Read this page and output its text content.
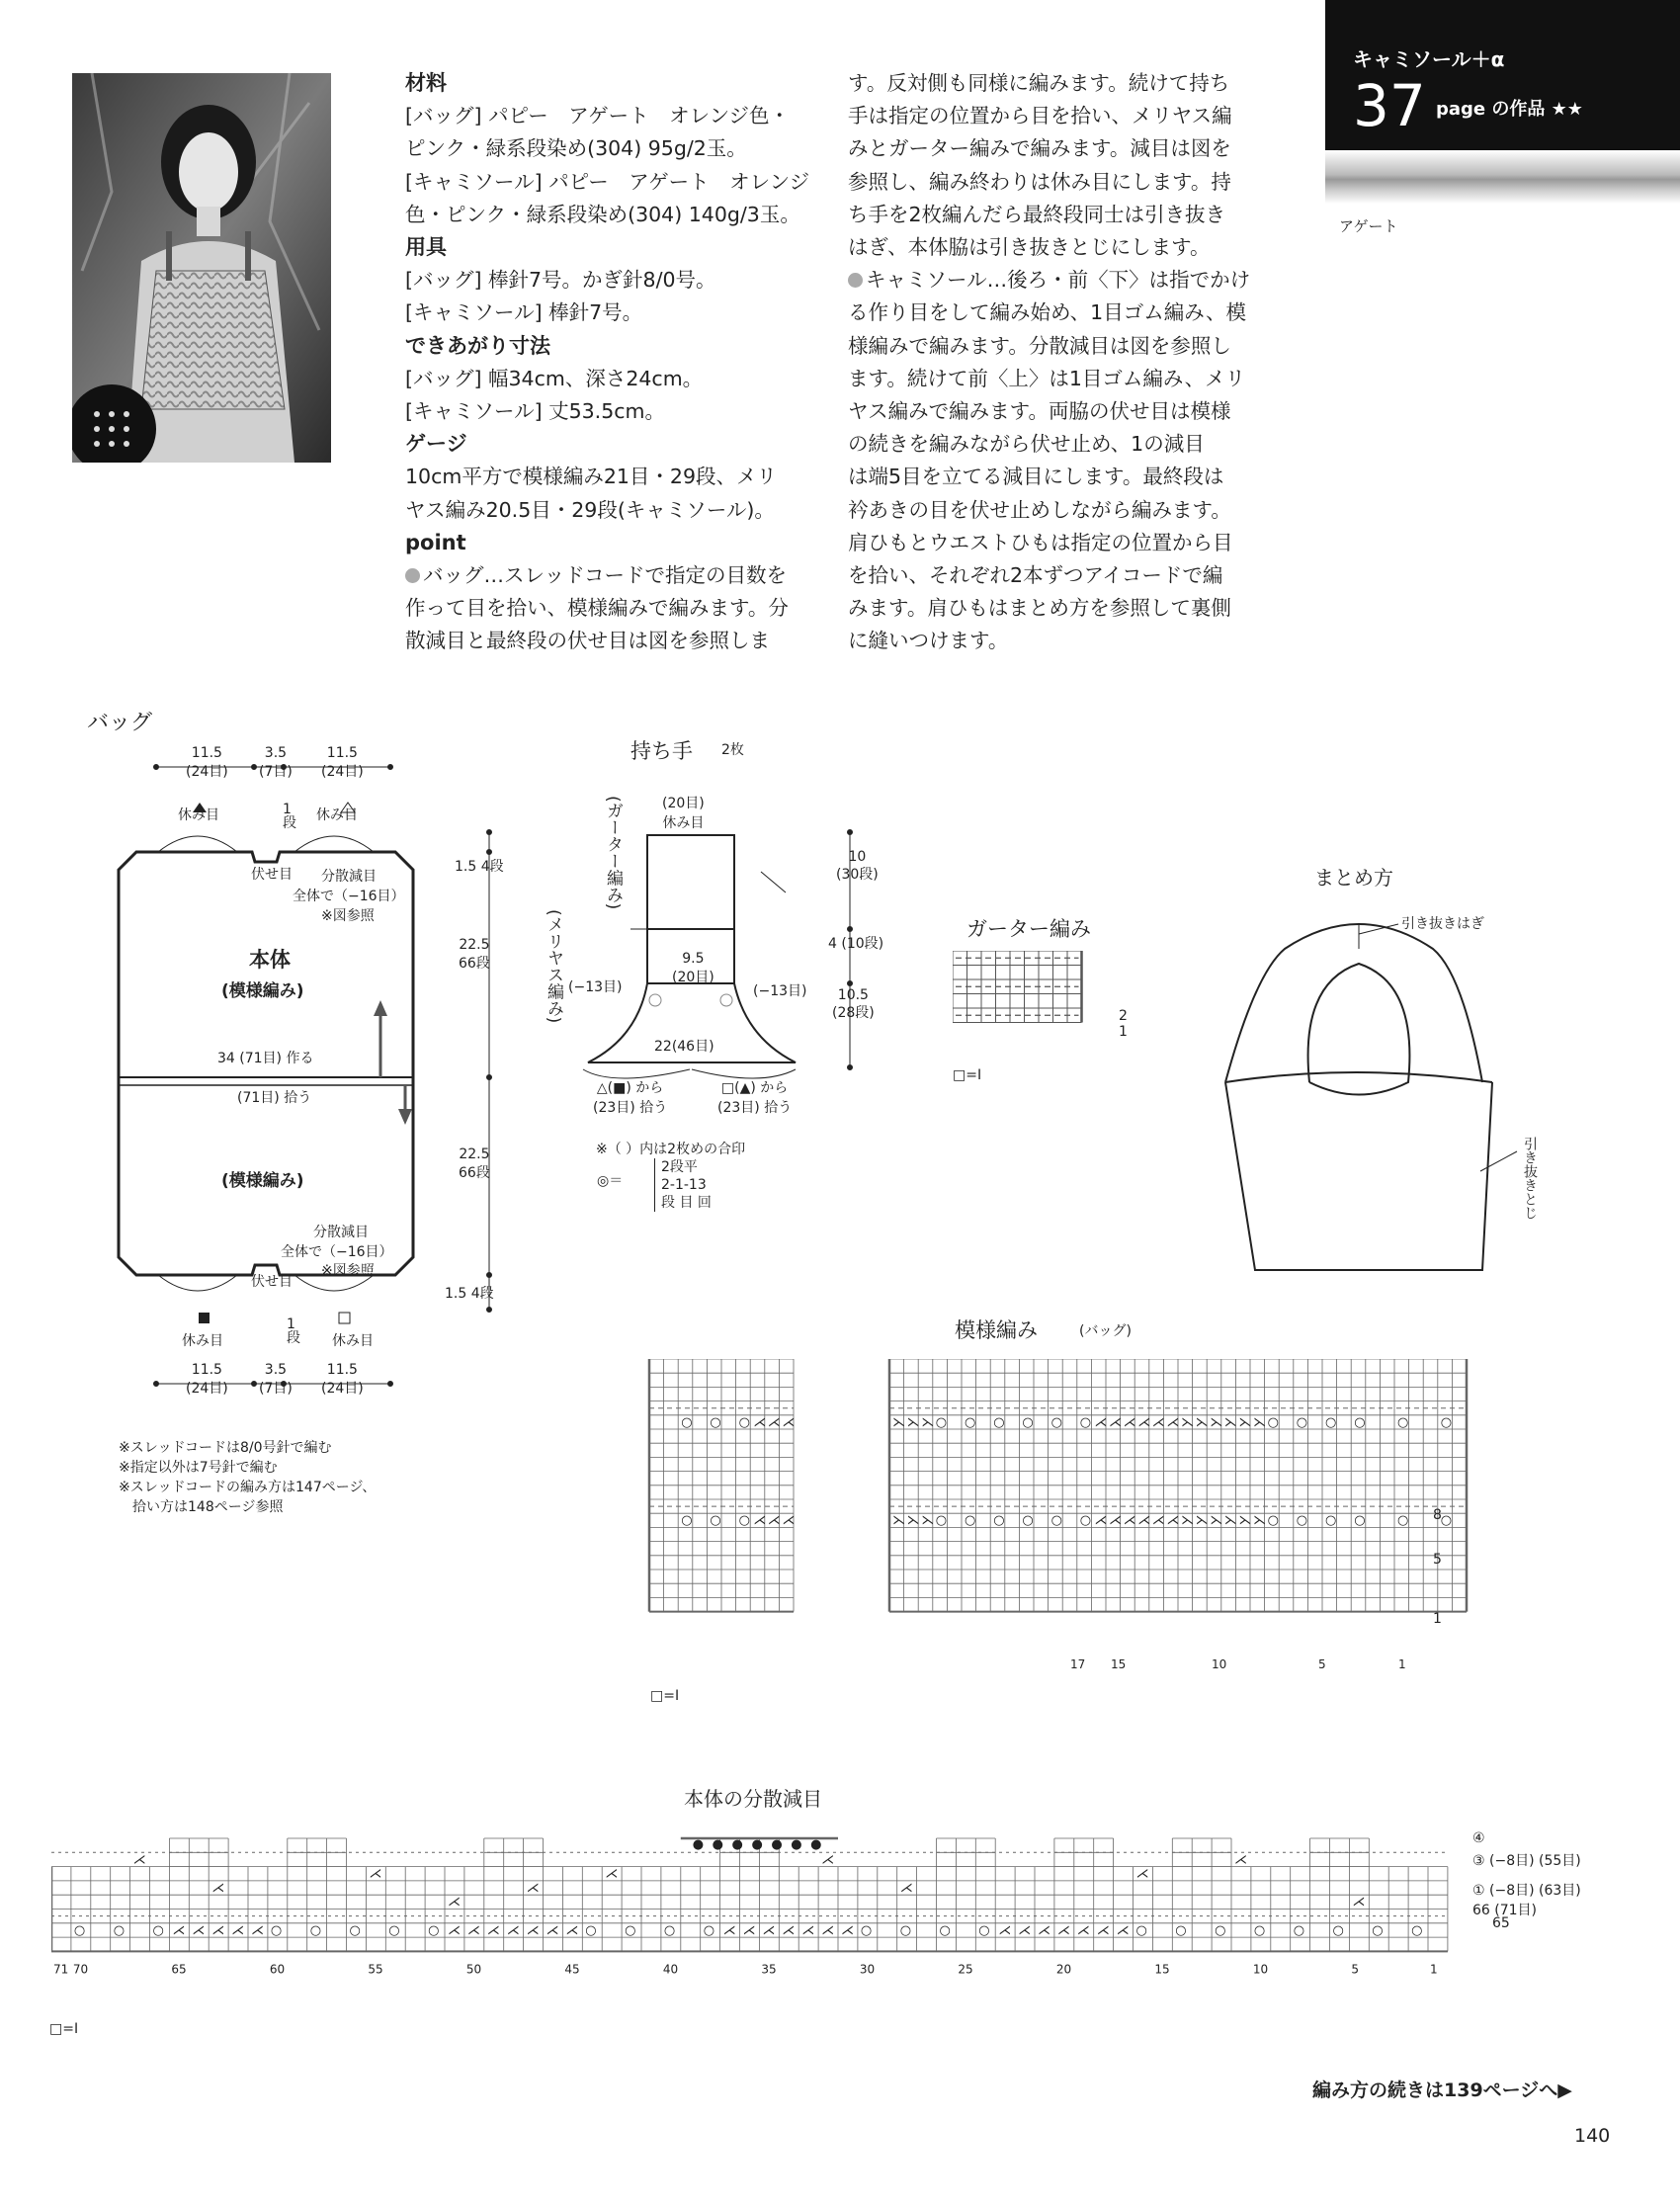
材料

[バッグ] パピー　アゲート　オレンジ色・

ピンク・緑系段染め(304) 95g/2玉。

[キャミソール] パピー　アゲート　オレンジ

色・ピンク・緑系段染め(304) 140g/3玉。

用具

[バッグ] 棒針7号。かぎ針8/0号。

[キャミソール] 棒針7号。

できあがり寸法

[バッグ] 幅34cm、深さ24cm。

[キャミソール] 丈53.5cm。

ゲージ

10cm平方で模様編み21目・29段、メリ

ヤス編み20.5目・29段(キャミソール)。

point

バッグ…スレッドコードで指定の目数を

作って目を拾い、模様編みで編みます。分

散減目と最終段の伏せ目は図を参照しま

す。反対側も同様に編みます。続けて持ち

手は指定の位置から目を拾い、メリヤス編

みとガーター編みで編みます。減目は図を

参照し、編み終わりは休み目にします。持

ち手を2枚編んだら最終段同士は引き抜き

はぎ、本体脇は引き抜きとじにします。

キャミソール…後ろ・前〈下〉は指でかけ

る作り目をして編み始め、1目ゴム編み、模

様編みで編みます。分散減目は図を参照し

ます。続けて前〈上〉は1目ゴム編み、メリ

ヤス編みで編みます。両脇の伏せ目は模様

の続きを編みながら伏せ止め、1の減目

は端5目を立てる減目にします。最終段は

衿あきの目を伏せ止めしながら編みます。

肩ひもとウエストひもは指定の位置から目

を拾い、それぞれ2本ずつアイコードで編

みます。肩ひもはまとめ方を参照して裏側

に縫いつけます。

キャミソール＋α
37 page の作品 ★★
アゲート
バッグ
11.5
(24目)
3.5
(7目)
11.5
(24目)
休み目	休み目
1段
伏せ目 分散減目
全体で（−16目）
※図参照
本体
(模様編み)
34 (71目) 作る
(71目) 拾う
(模様編み)
分散減目
全体で（−16目）
※図参照
伏せ目
休み目	休み目
1段
1.5 4段
22.5
66段
22.5
66段
1.5 4段
11.5
(24目)
3.5
(7目)
11.5
(24目)
※スレッドコードは8/0号針で編む
※指定以外は7号針で編む
※スレッドコードの編み方は147ページ、
　拾い方は148ページ参照
持ち手 2枚
(20目)
休み目
(ガーター編み)
(メリヤス編み)	9.5
(20目)
(−13目)	(−13目)
22(46目)
△(■) から
(23目) 拾う
□(▲) から
(23目) 拾う
10
(30段)
4 (10段)
10.5
(28段)
※（ ）内は2枚めの合印
◎＝
2段平
2-1-13
段 目 回
ガーター編み
2
1
□=Ⅰ
まとめ方
引き抜きはぎ
引き抜きとじ
模様編み	(バッグ)
○ ○ ○ ⋌ ⋌ ⋌	⋋ ⋋ ⋋ ○ ○ ○ ○ ○ ○ ⋌ ⋌ ⋌ ⋌ ⋌ ⋌ ⋋ ⋋ ⋋ ⋋ ⋋ ⋋ ○ ○ ○ ○ ○ ○
○ ○ ○ ⋌ ⋌ ⋌	⋋ ⋋ ⋋ ○ ○ ○ ○ ○ ○ ⋌ ⋌ ⋌ ⋌ ⋌ ⋌ ⋋ ⋋ ⋋ ⋋ ⋋ ⋋ ○ ○ ○ ○ ○ ○
8
5
1
17 15	10	5	1
□=Ⅰ
本体の分散減目
● ● ● ● ● ● ●
○ ○ ○ ⋌ ⋌ ⋌ ⋌ ⋌ ○ ○ ○ ○ ○ ⋌ ⋌ ⋌ ⋌ ⋌ ⋌ ⋌ ○ ○ ○ ○ ⋌ ⋌ ⋌ ⋌ ⋌ ⋌ ⋌ ○ ○ ○ ○ ⋌ ⋌ ⋌ ⋌ ⋌ ⋌ ⋌ ○ ○ ○ ○ ○ ○ ○ ○
⋌
⋌
⋌
⋌
⋌
⋌
⋌
⋌
⋌
⋌
⋌
71 70	65	60	55	50	45	40	35	30	25	20	15	10	5	1
④
③ (−8目) (55目)
① (−8目) (63目)
66 (71目)
65
□=Ⅰ
編み方の続きは139ページへ▶
140
